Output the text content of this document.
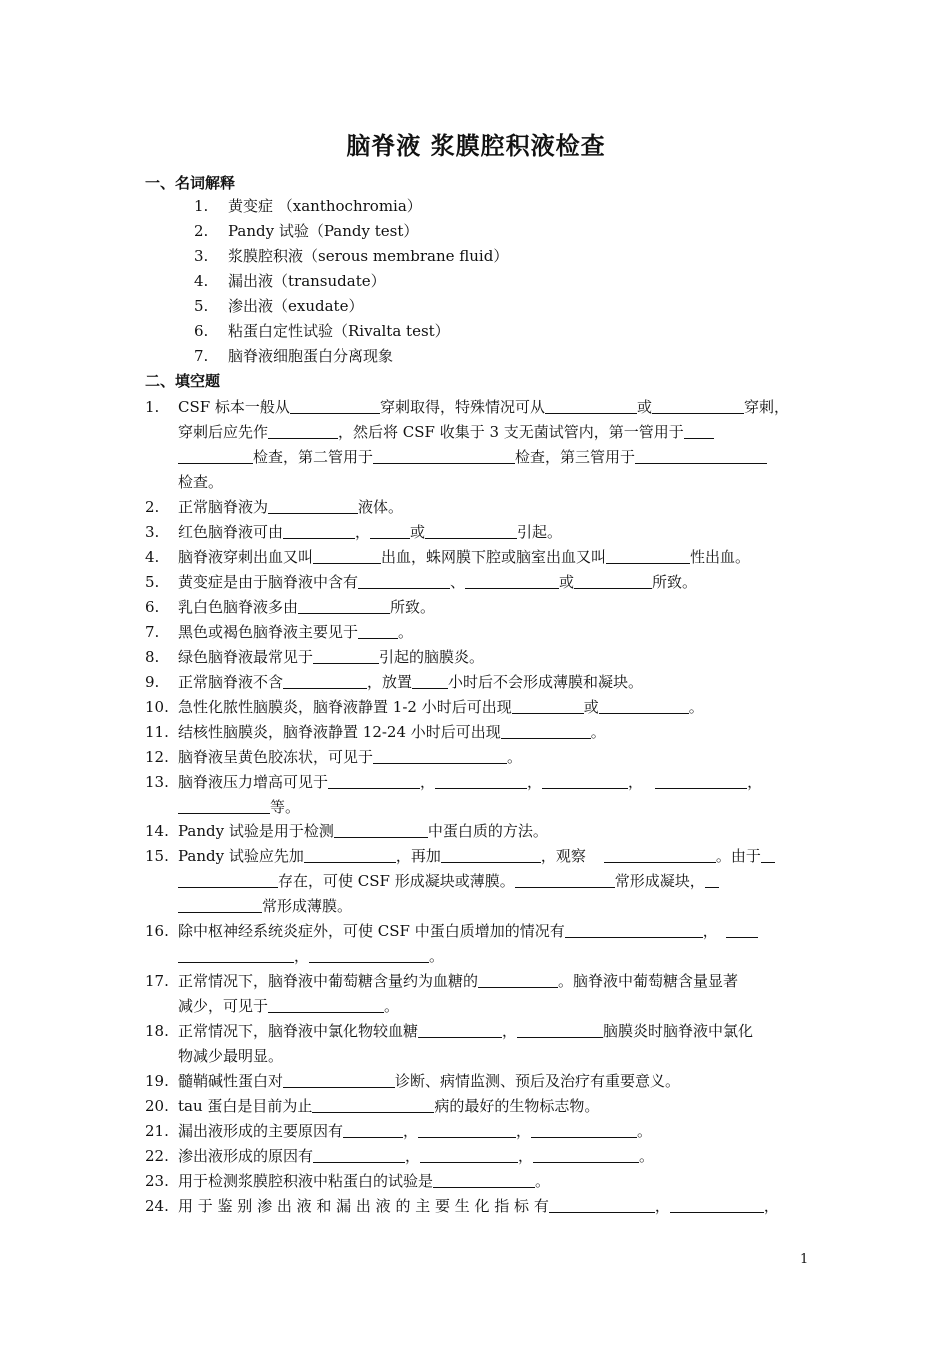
脑脊液 浆膜腔积液检查
一、名词解释
1. 黄变症 （xanthochromia）
2. Pandy 试验（Pandy test）
3. 浆膜腔积液（serous membrane fluid）
4. 漏出液（transudate）
5. 渗出液（exudate）
6. 粘蛋白定性试验（Rivalta test）
7. 脑脊液细胞蛋白分离现象
二、填空题
1. CSF 标本一般从	穿刺取得，特殊情况可从	或	穿刺，
穿刺后应先作	，然后将 CSF 收集于 3 支无菌试管内，第一管用于
检查，第二管用于	检查，第三管用于
检查。
2. 正常脑脊液为	液体。
3. 红色脑脊液可由	，	或	引起。
4. 脑脊液穿刺出血又叫	出血，蛛网膜下腔或脑室出血又叫	性出血。
5. 黄变症是由于脑脊液中含有	、	或	所致。
6. 乳白色脑脊液多由	所致。
7. 黑色或褐色脑脊液主要见于	。
8. 绿色脑脊液最常见于	引起的脑膜炎。
9. 正常脑脊液不含	，放置 小时后不会形成薄膜和凝块。
10. 急性化脓性脑膜炎，脑脊液静置 1-2 小时后可出现	或	。
11. 结核性脑膜炎，脑脊液静置 12-24 小时后可出现	。
12. 脑脊液呈黄色胶冻状，可见于	。
13. 脑脊液压力增高可见于	，	，	，	，
等。
14. Pandy 试验是用于检测	中蛋白质的方法。
15. Pandy 试验应先加	，再加	，观察	。由于
存在，可使 CSF 形成凝块或薄膜。	常形成凝块，
常形成薄膜。
16. 除中枢神经系统炎症外，可使 CSF 中蛋白质增加的情况有	，
，	。
17. 正常情况下，脑脊液中葡萄糖含量约为血糖的	。脑脊液中葡萄糖含量显著
减少，可见于	。
18. 正常情况下，脑脊液中氯化物较血糖	，	脑膜炎时脑脊液中氯化
物减少最明显。
19. 髓鞘碱性蛋白对	诊断、病情监测、预后及治疗有重要意义。
20. tau 蛋白是目前为止	病的最好的生物标志物。
21. 漏出液形成的主要原因有	，	，	。
22. 渗出液形成的原因有	，	，	。
23. 用于检测浆膜腔积液中粘蛋白的试验是	。
24. 用 于 鉴 别 渗 出 液 和 漏 出 液 的 主 要 生 化 指 标 有	，	，
1
